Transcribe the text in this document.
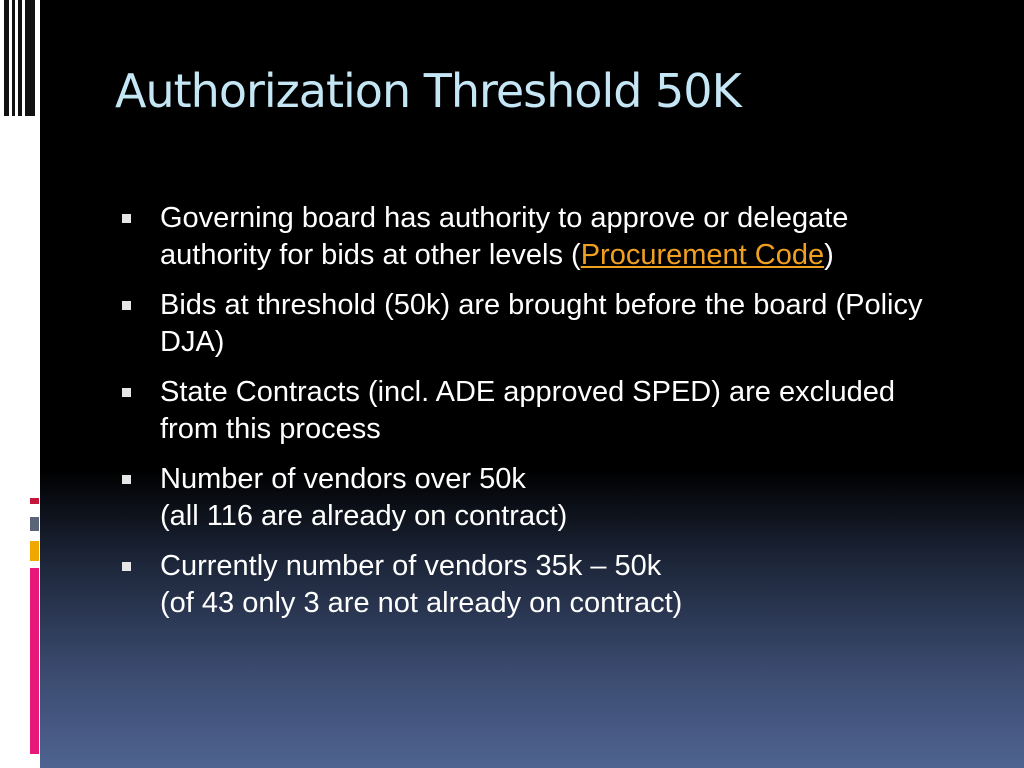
Authorization Threshold 50K
Governing board has authority to approve or delegate authority for bids at other levels (Procurement Code)
Bids at threshold (50k) are brought before the board (Policy DJA)
State Contracts (incl. ADE approved SPED) are excluded from this process
Number of vendors over 50k
(all 116 are already on contract)
Currently number of vendors 35k – 50k
(of 43 only 3 are not already on contract)
